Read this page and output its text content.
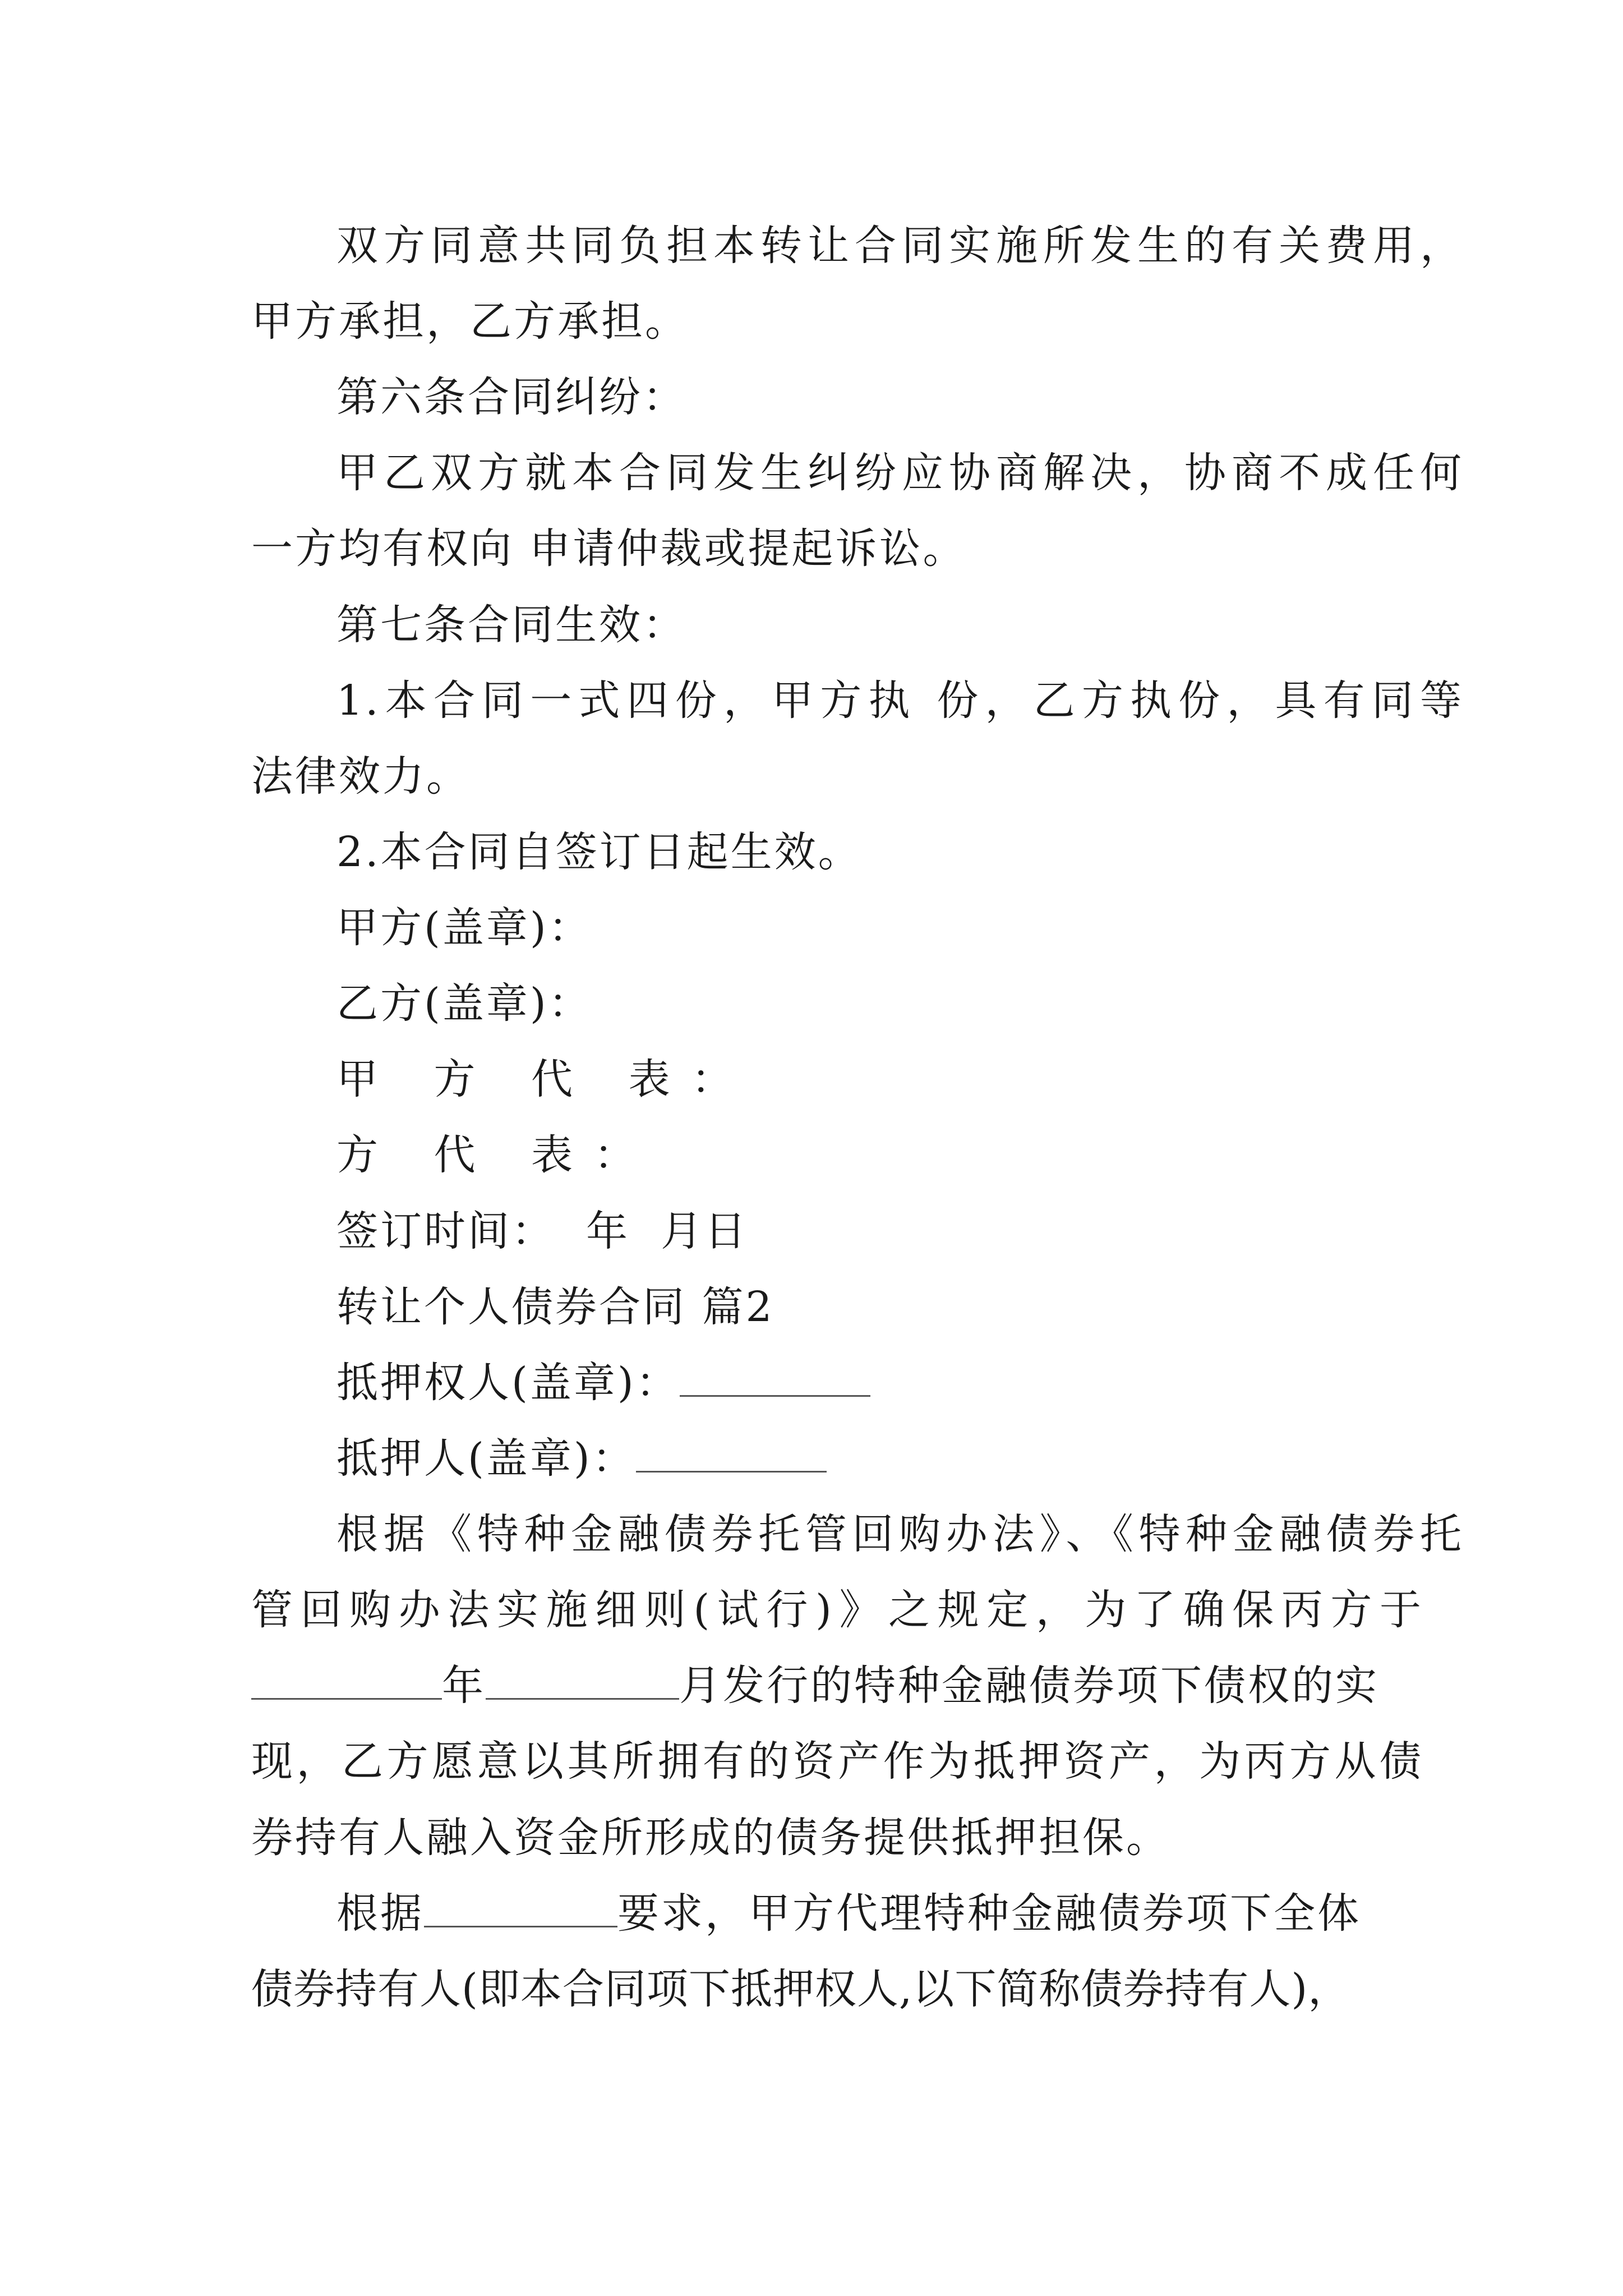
双方同意共同负担本转让合同实施所发生的有关费用，
甲方承担，乙方承担。
第六条合同纠纷：
甲乙双方就本合同发生纠纷应协商解决，协商不成任何
一方均有权向 申请仲裁或提起诉讼。
第七条合同生效：
1.本合同一式四份，甲方执 份，乙方执份，具有同等
法律效力。
2.本合同自签订日起生效。
甲方(盖章)：
乙方(盖章)：
甲 方 代 表：
方 代 表：
签订时间：  年  月日
转让个人债券合同 篇2
抵押权人(盖章)：
抵押人(盖章)：
根据《特种金融债券托管回购办法》、《特种金融债券托
管回购办法实施细则(试行)》之规定，为了确保丙方于
年	月发行的特种金融债券项下债权的实
现，乙方愿意以其所拥有的资产作为抵押资产，为丙方从债
券持有人融入资金所形成的债务提供抵押担保。
根据	要求，甲方代理特种金融债券项下全体
债券持有人(即本合同项下抵押权人,以下简称债券持有人)，
